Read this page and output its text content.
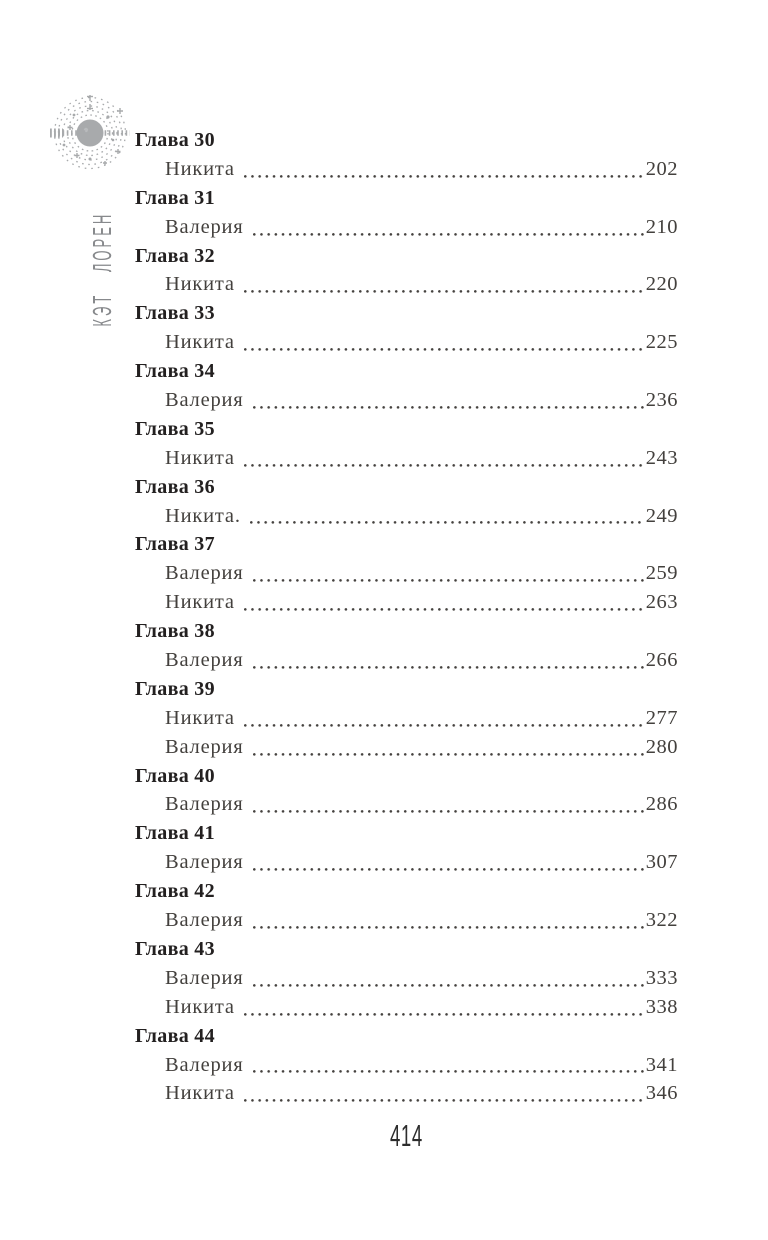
КЭТ ЛОРЕН
Глава 30
Никита	202
Глава 31
Валерия	210
Глава 32
Никита	220
Глава 33
Никита	225
Глава 34
Валерия	236
Глава 35
Никита	243
Глава 36
Никита.	249
Глава 37
Валерия	259
Никита	263
Глава 38
Валерия	266
Глава 39
Никита	277
Валерия	280
Глава 40
Валерия	286
Глава 41
Валерия	307
Глава 42
Валерия	322
Глава 43
Валерия	333
Никита	338
Глава 44
Валерия	341
Никита	346
414
